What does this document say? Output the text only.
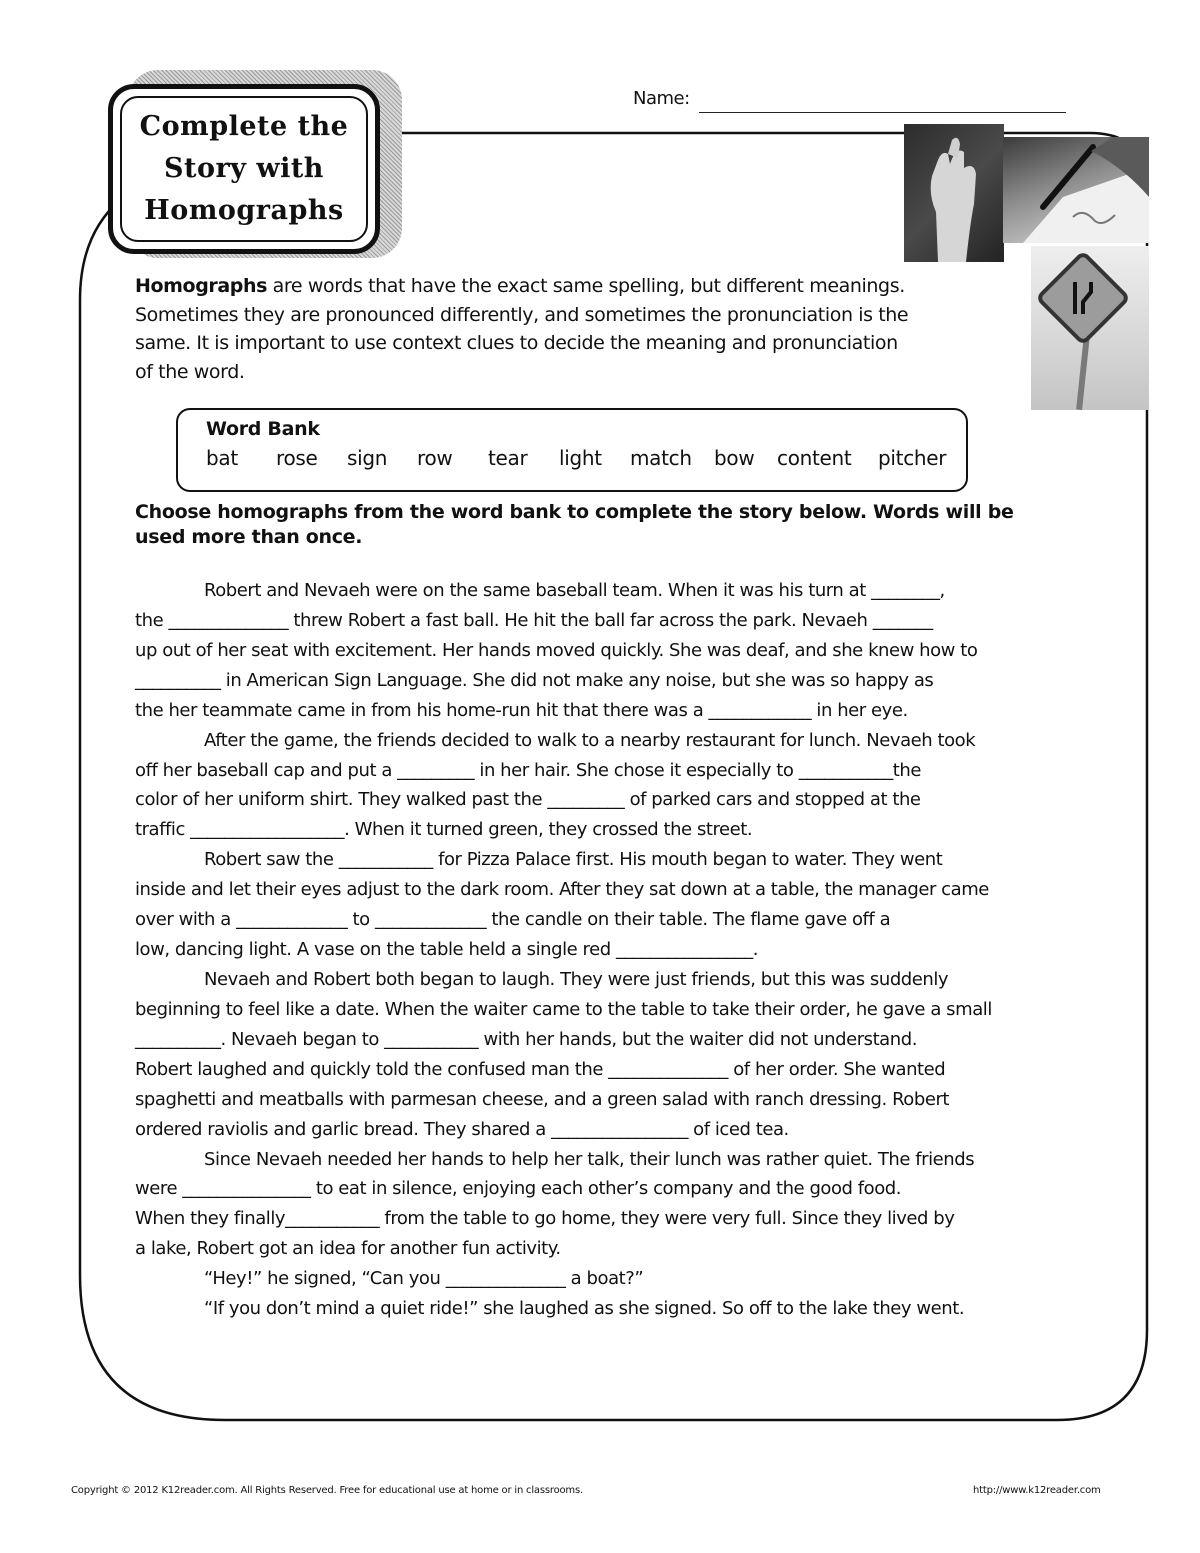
Complete the
Story with
Homographs
Name:
Homographs are words that have the exact same spelling, but different meanings.
Sometimes they are pronounced differently, and sometimes the pronunciation is the
same. It is important to use context clues to decide the meaning and pronunciation
of the word.
Word Bank
bat rose sign row tear light match bow content pitcher
Choose homographs from the word bank to complete the story below. Words will be
used more than once.

Robert and Nevaeh were on the same baseball team. When it was his turn at ________,

the ______________ threw Robert a fast ball. He hit the ball far across the park. Nevaeh _______

up out of her seat with excitement. Her hands moved quickly. She was deaf, and she knew how to

__________ in American Sign Language. She did not make any noise, but she was so happy as

the her teammate came in from his home-run hit that there was a ____________ in her eye.

After the game, the friends decided to walk to a nearby restaurant for lunch. Nevaeh took

off her baseball cap and put a _________ in her hair. She chose it especially to ___________the

color of her uniform shirt. They walked past the _________ of parked cars and stopped at the

traffic __________________. When it turned green, they crossed the street.

Robert saw the ___________ for Pizza Palace first. His mouth began to water. They went

inside and let their eyes adjust to the dark room. After they sat down at a table, the manager came

over with a _____________ to _____________ the candle on their table. The flame gave off a

low, dancing light. A vase on the table held a single red ________________.

Nevaeh and Robert both began to laugh. They were just friends, but this was suddenly

beginning to feel like a date. When the waiter came to the table to take their order, he gave a small

__________. Nevaeh began to ___________ with her hands, but the waiter did not understand.

Robert laughed and quickly told the confused man the ______________ of her order. She wanted

spaghetti and meatballs with parmesan cheese, and a green salad with ranch dressing. Robert

ordered raviolis and garlic bread. They shared a ________________ of iced tea.

Since Nevaeh needed her hands to help her talk, their lunch was rather quiet. The friends

were _______________ to eat in silence, enjoying each other’s company and the good food.

When they finally___________ from the table to go home, they were very full. Since they lived by

a lake, Robert got an idea for another fun activity.

“Hey!” he signed, “Can you ______________ a boat?”

“If you don’t mind a quiet ride!” she laughed as she signed. So off to the lake they went.

Copyright © 2012 K12reader.com. All Rights Reserved. Free for educational use at home or in classrooms.	http://www.k12reader.com
